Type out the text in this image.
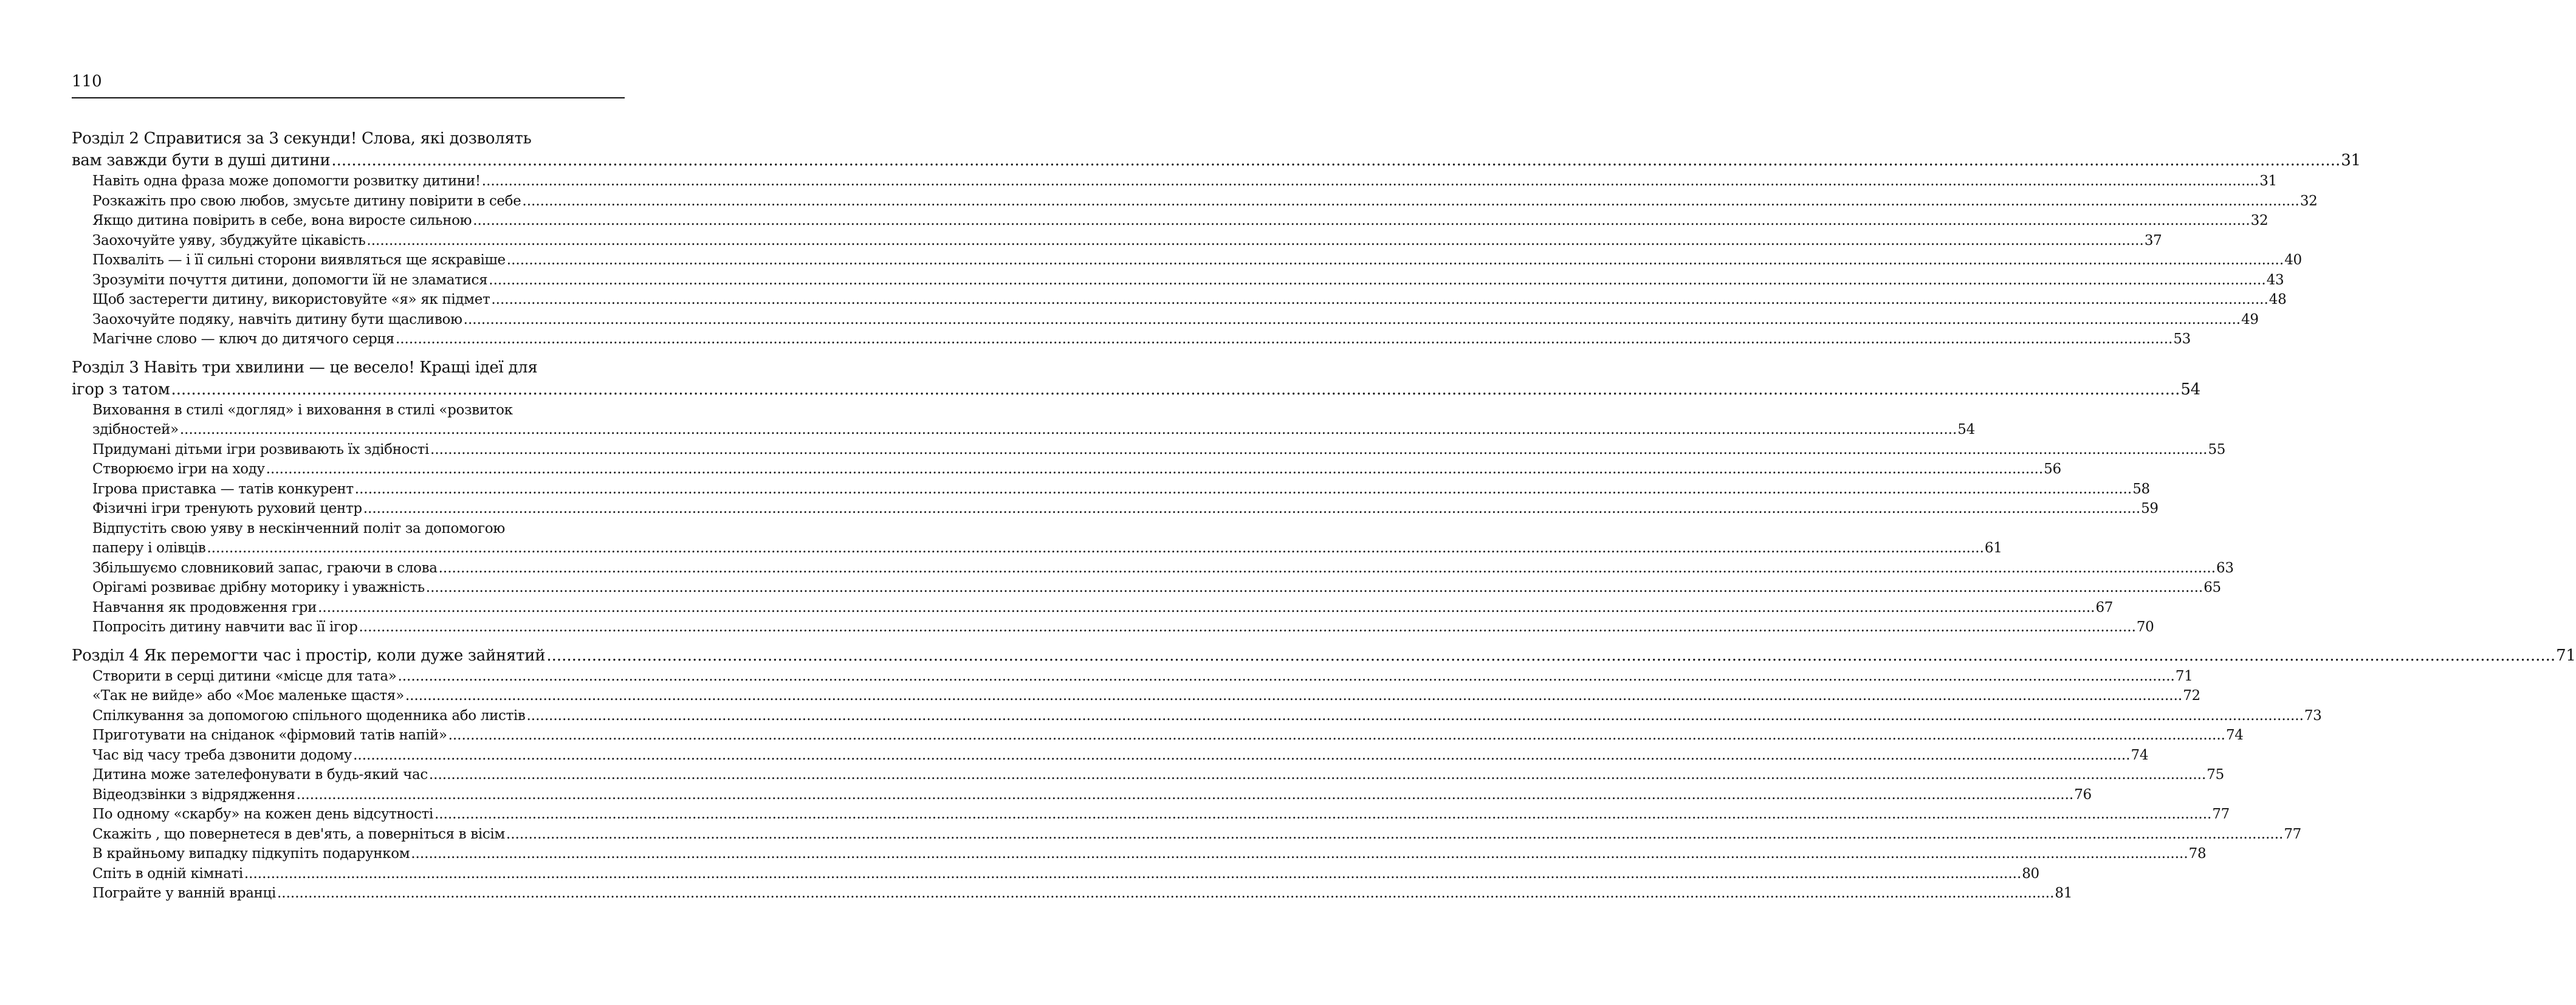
110
Розділ 2 Справитися за 3 секунди! Слова, які дозволять
вам завжди бути в душі дитини ................................................................................................................................................................................................................................................................................................................................................................................................................ 31
Навіть одна фраза може допомогти розвитку дитини! ................................................................................................................................................................................................................................................................................................................................................................................................................ 31
Розкажіть про свою любов, змусьте дитину повірити в себе ................................................................................................................................................................................................................................................................................................................................................................................................................ 32
Якщо дитина повірить в себе, вона виросте сильною ................................................................................................................................................................................................................................................................................................................................................................................................................ 32
Заохочуйте уяву, збуджуйте цікавість ................................................................................................................................................................................................................................................................................................................................................................................................................ 37
Похваліть — і її сильні сторони виявляться ще яскравіше ................................................................................................................................................................................................................................................................................................................................................................................................................ 40
Зрозуміти почуття дитини, допомогти їй не зламатися ................................................................................................................................................................................................................................................................................................................................................................................................................ 43
Щоб застерегти дитину, використовуйте «я» як підмет ................................................................................................................................................................................................................................................................................................................................................................................................................ 48
Заохочуйте подяку, навчіть дитину бути щасливою ................................................................................................................................................................................................................................................................................................................................................................................................................ 49
Магічне слово — ключ до дитячого серця ................................................................................................................................................................................................................................................................................................................................................................................................................ 53
Розділ 3 Навіть три хвилини — це весело! Кращі ідеї для
ігор з татом ................................................................................................................................................................................................................................................................................................................................................................................................................ 54
Виховання в стилі «догляд» і виховання в стилі «розвиток
здібностей» ................................................................................................................................................................................................................................................................................................................................................................................................................ 54
Придумані дітьми ігри розвивають їх здібності ................................................................................................................................................................................................................................................................................................................................................................................................................ 55
Створюємо ігри на ходу ................................................................................................................................................................................................................................................................................................................................................................................................................ 56
Ігрова приставка — татів конкурент ................................................................................................................................................................................................................................................................................................................................................................................................................ 58
Фізичні ігри тренують руховий центр ................................................................................................................................................................................................................................................................................................................................................................................................................ 59
Відпустіть свою уяву в нескінченний політ за допомогою
паперу і олівців ................................................................................................................................................................................................................................................................................................................................................................................................................ 61
Збільшуємо словниковий запас, граючи в слова ................................................................................................................................................................................................................................................................................................................................................................................................................ 63
Орігамі розвиває дрібну моторику і уважність ................................................................................................................................................................................................................................................................................................................................................................................................................ 65
Навчання як продовження гри ................................................................................................................................................................................................................................................................................................................................................................................................................ 67
Попросіть дитину навчити вас її ігор ................................................................................................................................................................................................................................................................................................................................................................................................................ 70
Розділ 4 Як перемогти час і простір, коли дуже зайнятий ................................................................................................................................................................................................................................................................................................................................................................................................................ 71
Створити в серці дитини «місце для тата» ................................................................................................................................................................................................................................................................................................................................................................................................................ 71
«Так не вийде» або «Моє маленьке щастя» ................................................................................................................................................................................................................................................................................................................................................................................................................ 72
Спілкування за допомогою спільного щоденника або листів ................................................................................................................................................................................................................................................................................................................................................................................................................ 73
Приготувати на сніданок «фірмовий татів напій» ................................................................................................................................................................................................................................................................................................................................................................................................................ 74
Час від часу треба дзвонити додому ................................................................................................................................................................................................................................................................................................................................................................................................................ 74
Дитина може зателефонувати в будь-який час ................................................................................................................................................................................................................................................................................................................................................................................................................ 75
Відеодзвінки з відрядження ................................................................................................................................................................................................................................................................................................................................................................................................................ 76
По одному «скарбу» на кожен день відсутності ................................................................................................................................................................................................................................................................................................................................................................................................................ 77
Скажіть , що повернетеся в дев'ять, а поверніться в вісім ................................................................................................................................................................................................................................................................................................................................................................................................................ 77
В крайньому випадку підкупіть подарунком ................................................................................................................................................................................................................................................................................................................................................................................................................ 78
Спіть в одній кімнаті ................................................................................................................................................................................................................................................................................................................................................................................................................ 80
Пограйте у ванній вранці ................................................................................................................................................................................................................................................................................................................................................................................................................ 81
